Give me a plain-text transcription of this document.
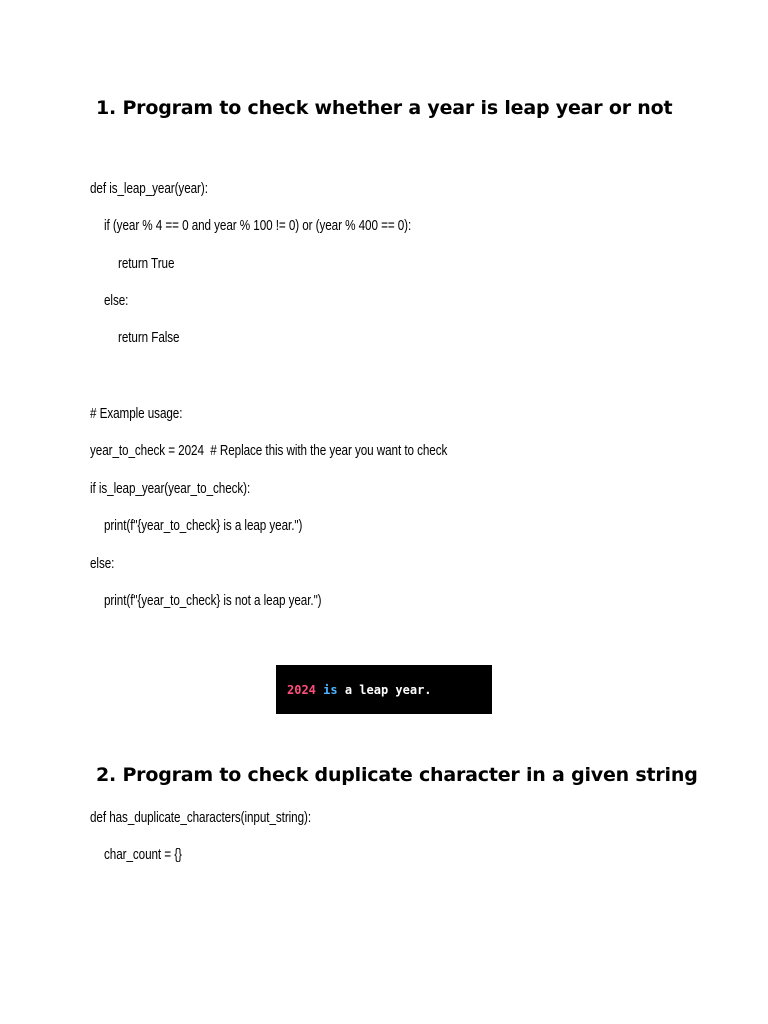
1. Program to check whether a year is leap year or not
def is_leap_year(year):
if (year % 4 == 0 and year % 100 != 0) or (year % 400 == 0):
return True
else:
return False
# Example usage:
year_to_check = 2024  # Replace this with the year you want to check
if is_leap_year(year_to_check):
print(f"{year_to_check} is a leap year.")
else:
print(f"{year_to_check} is not a leap year.")
2024
is
a leap year.
2. Program to check duplicate character in a given string
def has_duplicate_characters(input_string):
char_count = {}
